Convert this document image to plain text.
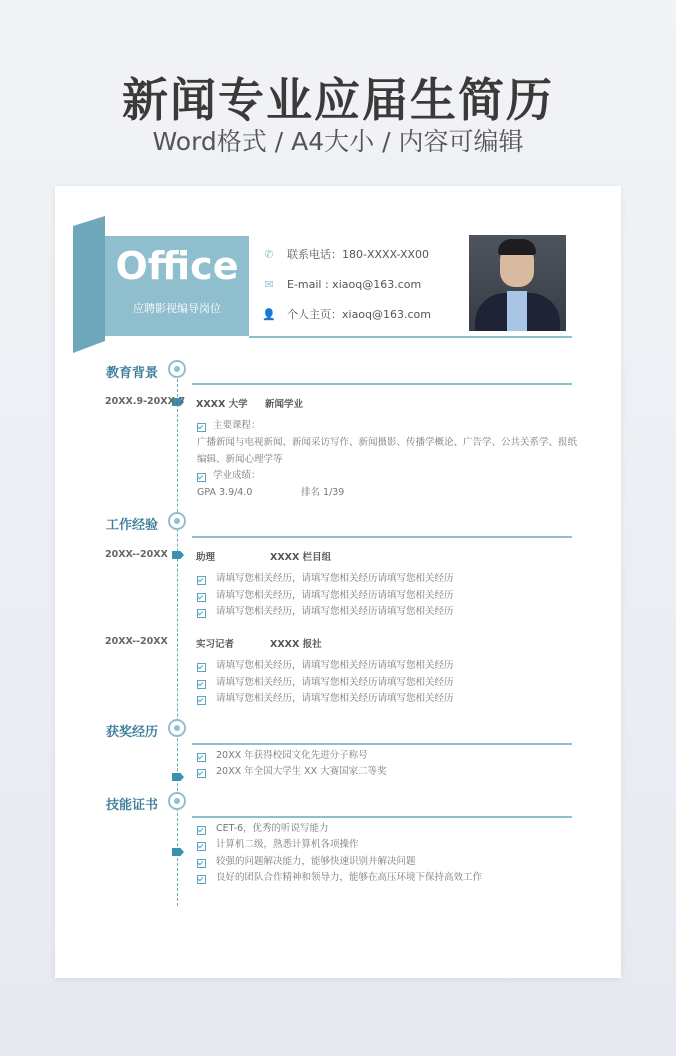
新闻专业应届生简历
Word格式 / A4大小 / 内容可编辑
Office
应聘影视编导岗位
✆	联系电话：180-XXXX-XX00
✉	E-mail : xiaoq@163.com
👤 个人主页：xiaoq@163.com
教育背景
20XX.9-20XX.7 XXXX 大学 新闻学业
主要课程：
广播新闻与电视新闻、新闻采访写作、新闻摄影、传播学概论、广告学、公共关系学、报纸
编辑、新闻心理学等
学业成绩：
GPA 3.9/4.0	排名 1/39
工作经验
20XX--20XX	助理	XXXX 栏目组
请填写您相关经历，请填写您相关经历请填写您相关经历
请填写您相关经历，请填写您相关经历请填写您相关经历
请填写您相关经历，请填写您相关经历请填写您相关经历
20XX--20XX	实习记者	XXXX 报社
请填写您相关经历，请填写您相关经历请填写您相关经历
请填写您相关经历，请填写您相关经历请填写您相关经历
请填写您相关经历，请填写您相关经历请填写您相关经历
获奖经历
20XX 年获得校园文化先进分子称号
20XX 年全国大学生 XX 大赛国家二等奖
技能证书
CET-6，优秀的听说写能力
计算机二级，熟悉计算机各项操作
较强的问题解决能力，能够快速识别并解决问题
良好的团队合作精神和领导力，能够在高压环境下保持高效工作
